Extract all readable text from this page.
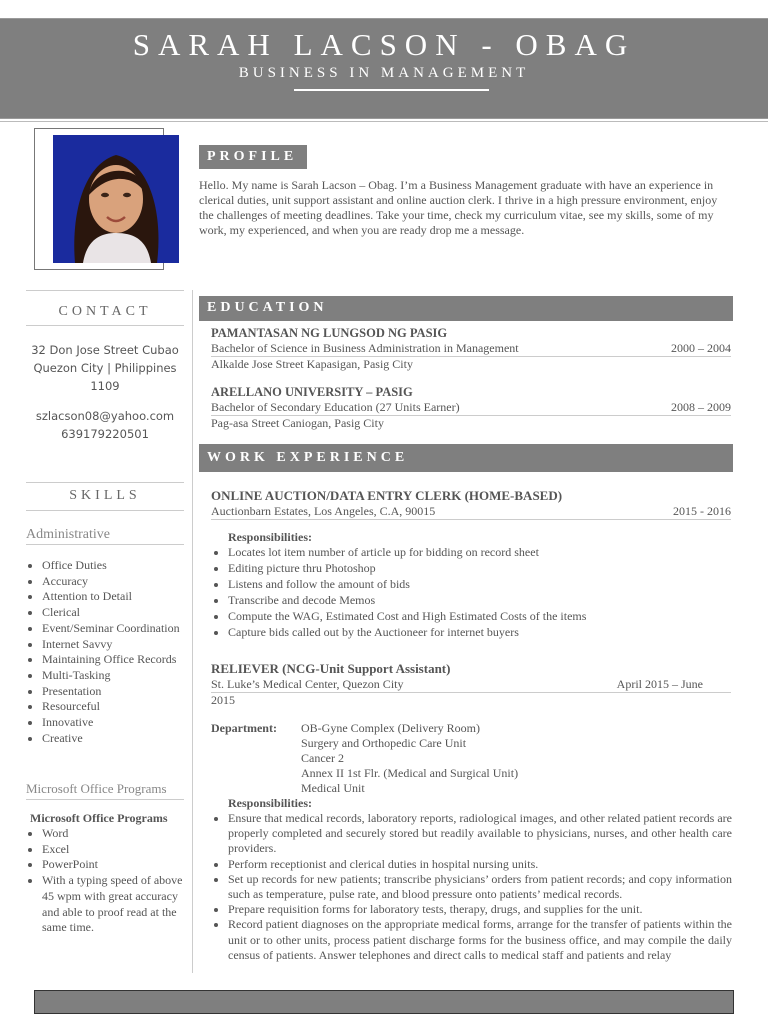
SARAH LACSON - OBAG
BUSINESS IN MANAGEMENT
PROFILE
Hello. My name is Sarah Lacson – Obag. I’m a Business Management graduate with have an experience in clerical duties, unit support assistant and online auction clerk. I thrive in a high pressure environment, enjoy the challenges of meeting deadlines. Take your time, check my curriculum vitae, see my skills, some of my work, my experienced, and when you are ready drop me a message.
CONTACT
32 Don Jose Street Cubao
Quezon City | Philippines
1109
szlacson08@yahoo.com
639179220501
SKILLS
Administrative
• Office Duties
• Accuracy
• Attention to Detail
• Clerical
• Event/Seminar Coordination
• Internet Savvy
• Maintaining Office Records
• Multi-Tasking
• Presentation
• Resourceful
• Innovative
• Creative
Microsoft Office Programs
Microsoft Office Programs
• Word
• Excel
• PowerPoint
• With a typing speed of above 45 wpm with great accuracy and able to proof read at the same time.
EDUCATION
PAMANTASAN NG LUNGSOD NG PASIG
Bachelor of Science in Business Administration in Management	2000 – 2004
Alkalde Jose Street Kapasigan, Pasig City
ARELLANO UNIVERSITY – PASIG
Bachelor of Secondary Education (27 Units Earner)	2008 – 2009
Pag-asa Street Caniogan, Pasig City
WORK EXPERIENCE
ONLINE AUCTION/DATA ENTRY CLERK (HOME-BASED)
Auctionbarn Estates, Los Angeles, C.A, 90015	2015 - 2016
Responsibilities:
• Locates lot item number of article up for bidding on record sheet
• Editing picture thru Photoshop
• Listens and follow the amount of bids
• Transcribe and decode Memos
• Compute the WAG, Estimated Cost and High Estimated Costs of the items
• Capture bids called out by the Auctioneer for internet buyers
RELIEVER (NCG-Unit Support Assistant)
St. Luke’s Medical Center, Quezon City	April 2015 – June
2015
Department:	OB-Gyne Complex (Delivery Room)
Surgery and Orthopedic Care Unit
Cancer 2
Annex II 1st Flr. (Medical and Surgical Unit)
Medical Unit
Responsibilities:
• Ensure that medical records, laboratory reports, radiological images, and other related patient records are properly completed and securely stored but readily available to physicians, nurses, and other health care providers.
• Perform receptionist and clerical duties in hospital nursing units.
• Set up records for new patients; transcribe physicians’ orders from patient records; and copy information such as temperature, pulse rate, and blood pressure onto patients’ medical records.
• Prepare requisition forms for laboratory tests, therapy, drugs, and supplies for the unit.
• Record patient diagnoses on the appropriate medical forms, arrange for the transfer of patients within the unit or to other units, process patient discharge forms for the business office, and may compile the daily census of patients. Answer telephones and direct calls to medical staff and patients and relay
